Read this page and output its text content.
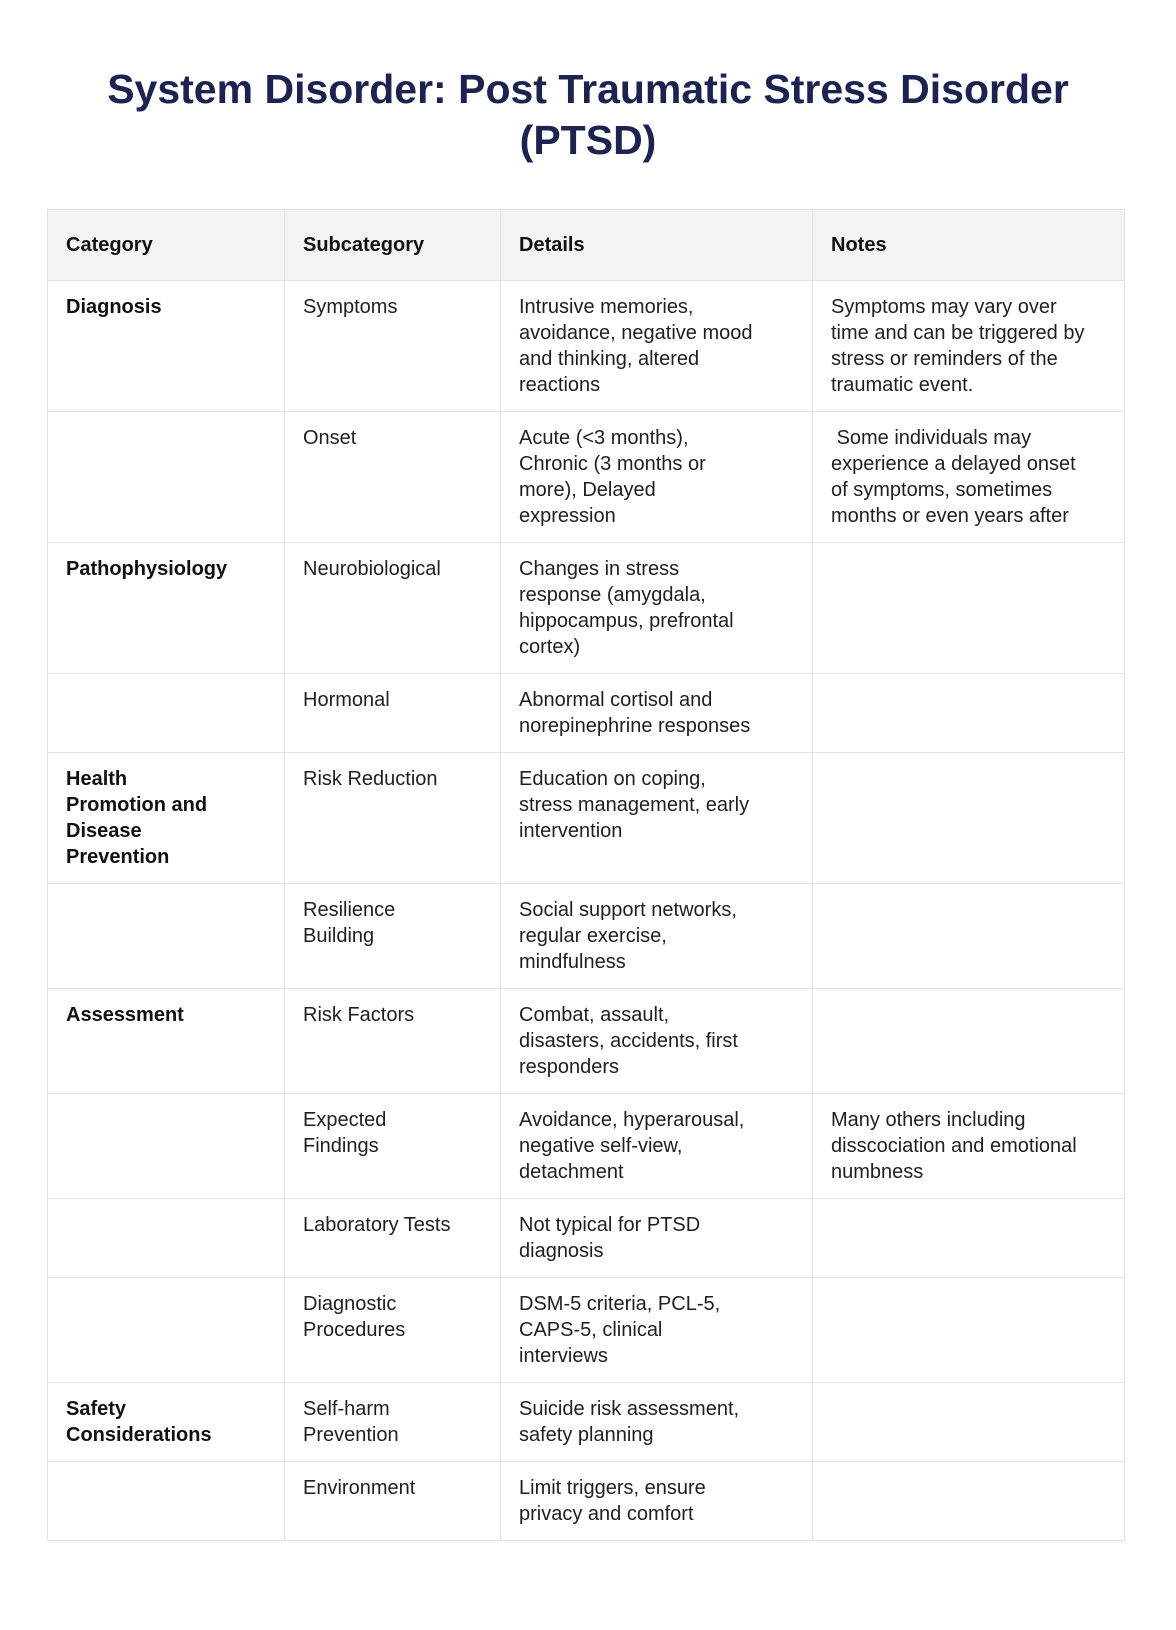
System Disorder: Post Traumatic Stress Disorder (PTSD)
Category	Subcategory	Details	Notes
Diagnosis	Symptoms	Intrusive memories, avoidance, negative mood and thinking, altered reactions	Symptoms may vary over time and can be triggered by stress or reminders of the traumatic event.
	Onset	Acute (<3 months), Chronic (3 months or more), Delayed expression	Some individuals may experience a delayed onset of symptoms, sometimes months or even years after
Pathophysiology	Neurobiological	Changes in stress response (amygdala, hippocampus, prefrontal cortex)	
	Hormonal	Abnormal cortisol and norepinephrine responses	
Health Promotion and Disease Prevention	Risk Reduction	Education on coping, stress management, early intervention	
	Resilience Building	Social support networks, regular exercise, mindfulness	
Assessment	Risk Factors	Combat, assault, disasters, accidents, first responders	
	Expected Findings	Avoidance, hyperarousal, negative self-view, detachment	Many others including disscociation and emotional numbness
	Laboratory Tests	Not typical for PTSD diagnosis	
	Diagnostic Procedures	DSM-5 criteria, PCL-5, CAPS-5, clinical interviews	
Safety Considerations	Self-harm Prevention	Suicide risk assessment, safety planning	
	Environment	Limit triggers, ensure privacy and comfort	
